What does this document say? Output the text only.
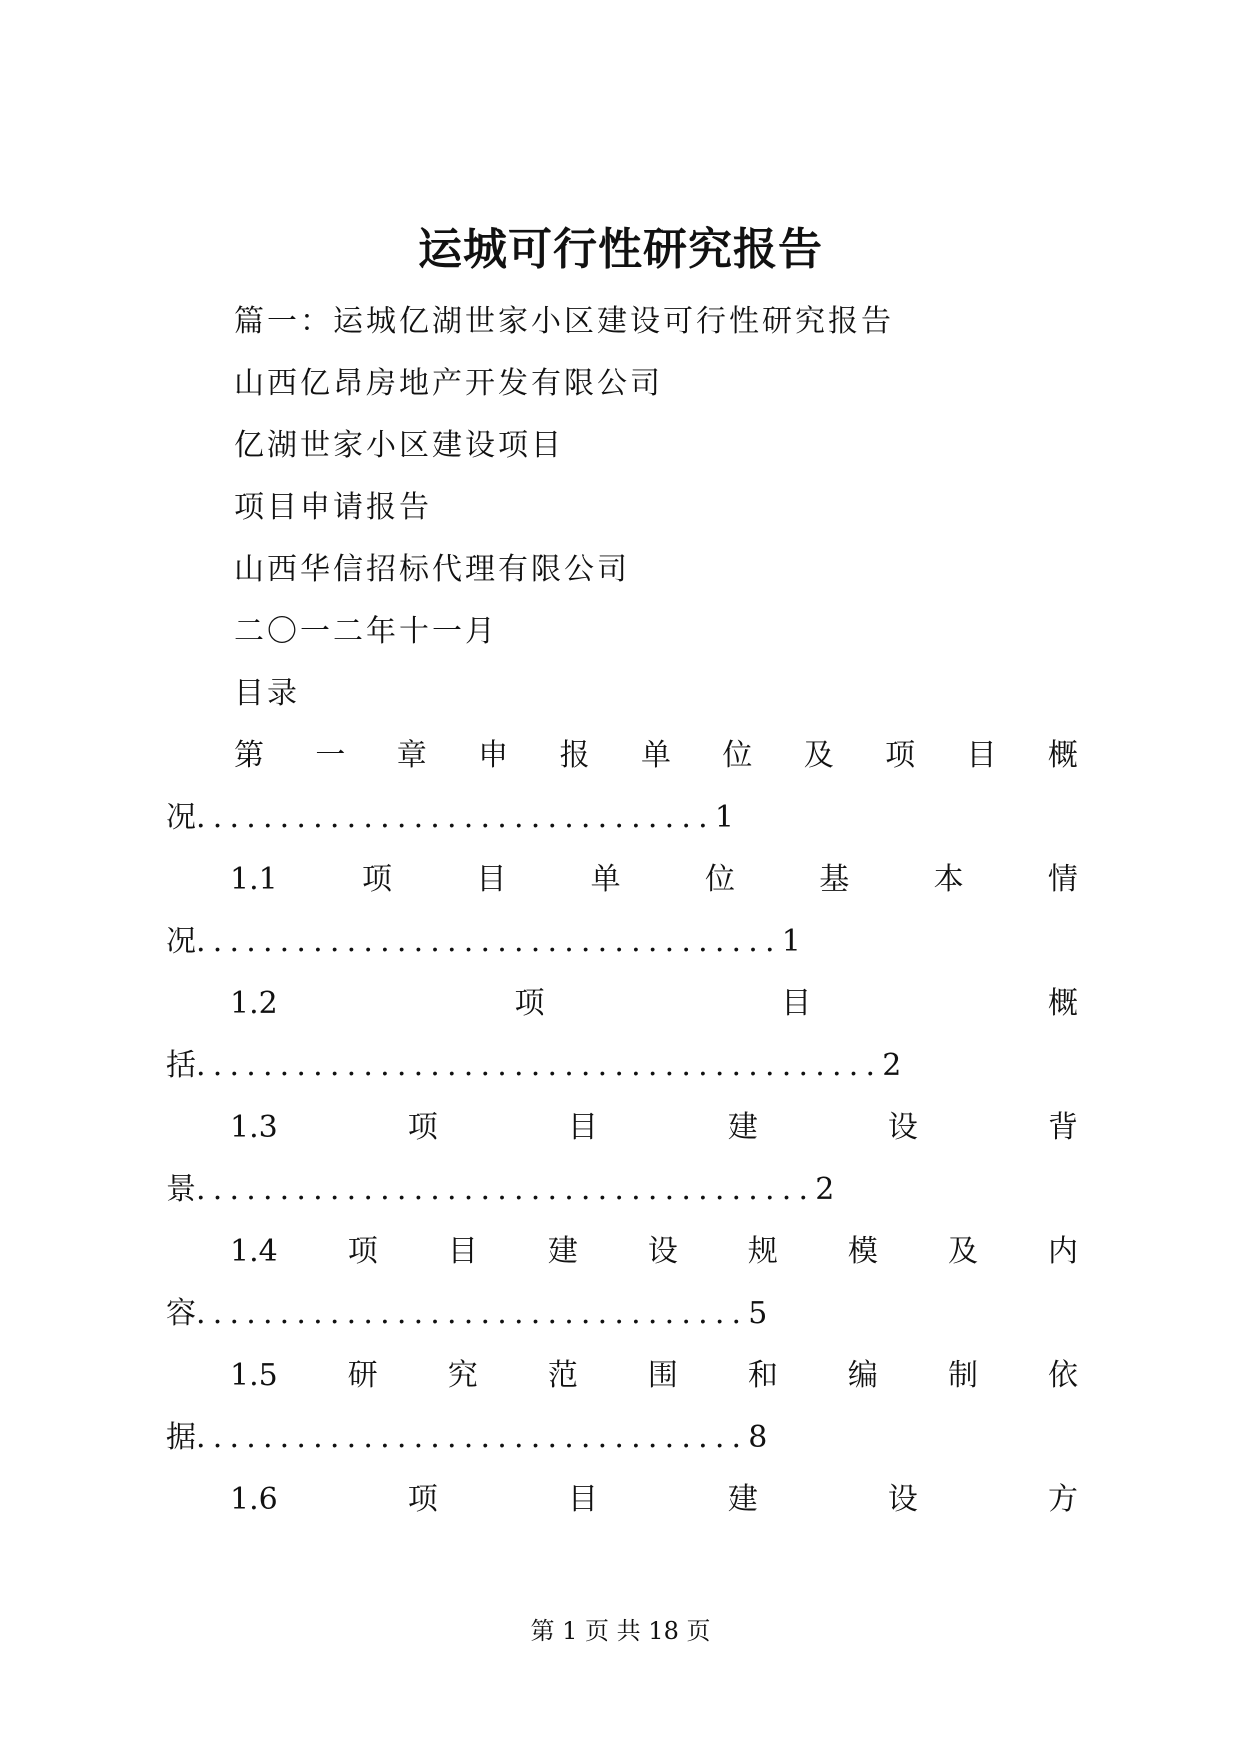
运城可行性研究报告
篇一：运城亿湖世家小区建设可行性研究报告
山西亿昂房地产开发有限公司
亿湖世家小区建设项目
项目申请报告
山西华信招标代理有限公司
二〇一二年十一月
目录
第 一 章 申 报 单 位 及 项 目 概
况...............................1
1.1	项	目	单	位	基	本	情
况...................................1
1.2	项	目	概
括.........................................2
1.3	项	目	建	设	背
景.....................................2
1.4 项 目 建 设 规 模 及 内
容.................................5
1.5 研 究 范 围 和 编 制 依
据.................................8
1.6	项	目	建	设	方
第 1 页 共 18 页
